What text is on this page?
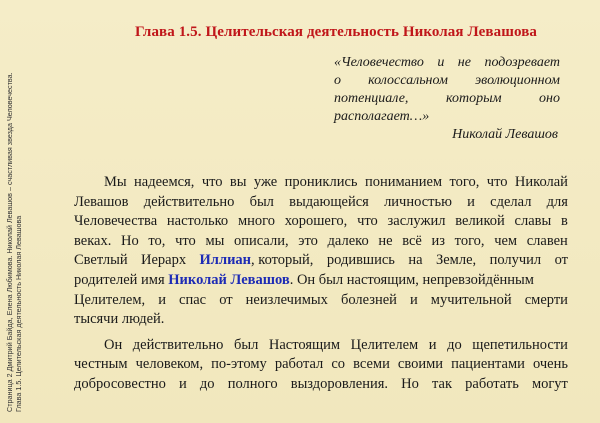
Страница 2 Дмитрий Байда, Елена Любимова. Николай Левашов – счастливая звезда Человечества. Глава 1.5. Целительская деятельность Николая Левашова
Глава 1.5. Целительская деятельность Николая Левашова
«Человечество и не подозревает
о колоссальном эволюционном
потенциале,	которым	оно
располагает…»
Николай Левашов
Мы надеемся, что вы уже прониклись пониманием того, что Николай
Левашов действительно был выдающейся личностью и сделал для
Человечества настолько много хорошего, что заслужил великой славы в
веках. Но то, что мы описали, это далеко не всё из того, чем славен
Светлый Иерарх Иллиан, который, родившись на Земле, получил от
родителей имя Николай Левашов . Он был настоящим, непревзойдённым
Целителем, и спас от неизлечимых болезней и мучительной смерти
тысячи людей.
Он действительно был Настоящим Целителем и до щепетильности
честным человеком, по-этому работал со всеми своими пациентами очень
добросовестно и до полного выздоровления. Но так работать могут
